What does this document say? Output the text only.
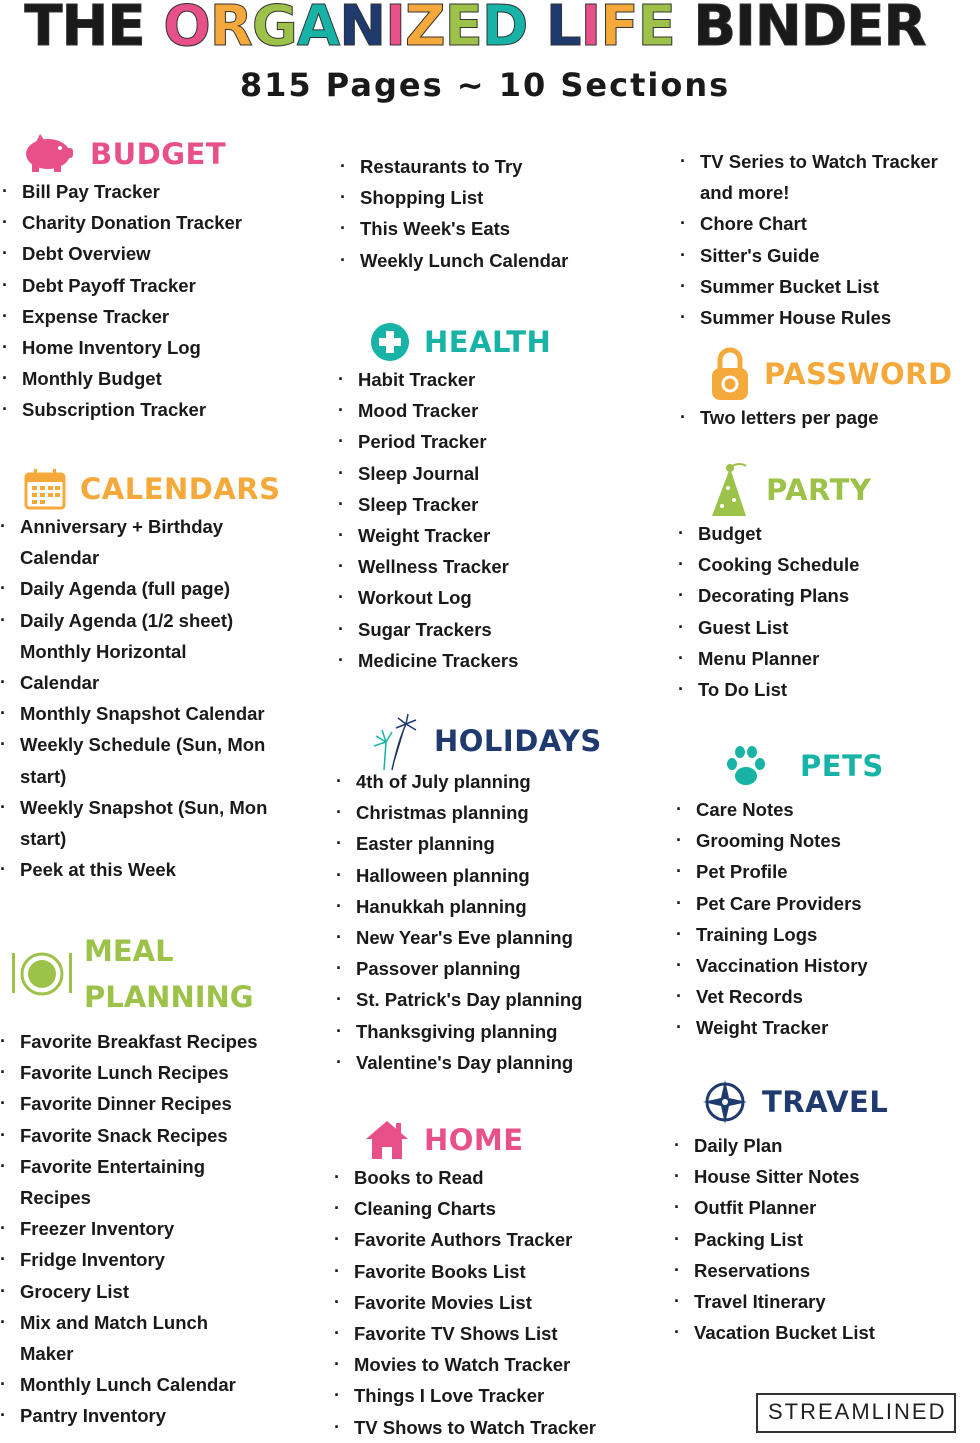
THE ORGANIZED LIFE BINDER
815 Pages ~ 10 Sections
BUDGET
· Bill Pay Tracker
· Charity Donation Tracker
· Debt Overview
· Debt Payoff Tracker
· Expense Tracker
· Home Inventory Log
· Monthly Budget
· Subscription Tracker
CALENDARS
· Anniversary + Birthday
Calendar
· Daily Agenda (full page)
· Daily Agenda (1/2 sheet)
Monthly Horizontal
· Calendar
· Monthly Snapshot Calendar
· Weekly Schedule (Sun, Mon
start)
· Weekly Snapshot (Sun, Mon
start)
· Peek at this Week
MEAL
PLANNING
· Favorite Breakfast Recipes
· Favorite Lunch Recipes
· Favorite Dinner Recipes
· Favorite Snack Recipes
· Favorite Entertaining
Recipes
· Freezer Inventory
· Fridge Inventory
· Grocery List
· Mix and Match Lunch
Maker
· Monthly Lunch Calendar
· Pantry Inventory
· Restaurants to Try
· Shopping List
· This Week's Eats
· Weekly Lunch Calendar
HEALTH
· Habit Tracker
· Mood Tracker
· Period Tracker
· Sleep Journal
· Sleep Tracker
· Weight Tracker
· Wellness Tracker
· Workout Log
· Sugar Trackers
· Medicine Trackers
HOLIDAYS
· 4th of July planning
· Christmas planning
· Easter planning
· Halloween planning
· Hanukkah planning
· New Year's Eve planning
· Passover planning
· St. Patrick's Day planning
· Thanksgiving planning
· Valentine's Day planning
HOME
· Books to Read
· Cleaning Charts
· Favorite Authors Tracker
· Favorite Books List
· Favorite Movies List
· Favorite TV Shows List
· Movies to Watch Tracker
· Things I Love Tracker
· TV Shows to Watch Tracker
· TV Series to Watch Tracker
and more!
· Chore Chart
· Sitter's Guide
· Summer Bucket List
· Summer House Rules
PASSWORD
· Two letters per page
PARTY
· Budget
· Cooking Schedule
· Decorating Plans
· Guest List
· Menu Planner
· To Do List
PETS
· Care Notes
· Grooming Notes
· Pet Profile
· Pet Care Providers
· Training Logs
· Vaccination History
· Vet Records
· Weight Tracker
TRAVEL
· Daily Plan
· House Sitter Notes
· Outfit Planner
· Packing List
· Reservations
· Travel Itinerary
· Vacation Bucket List
STREAMLINED
